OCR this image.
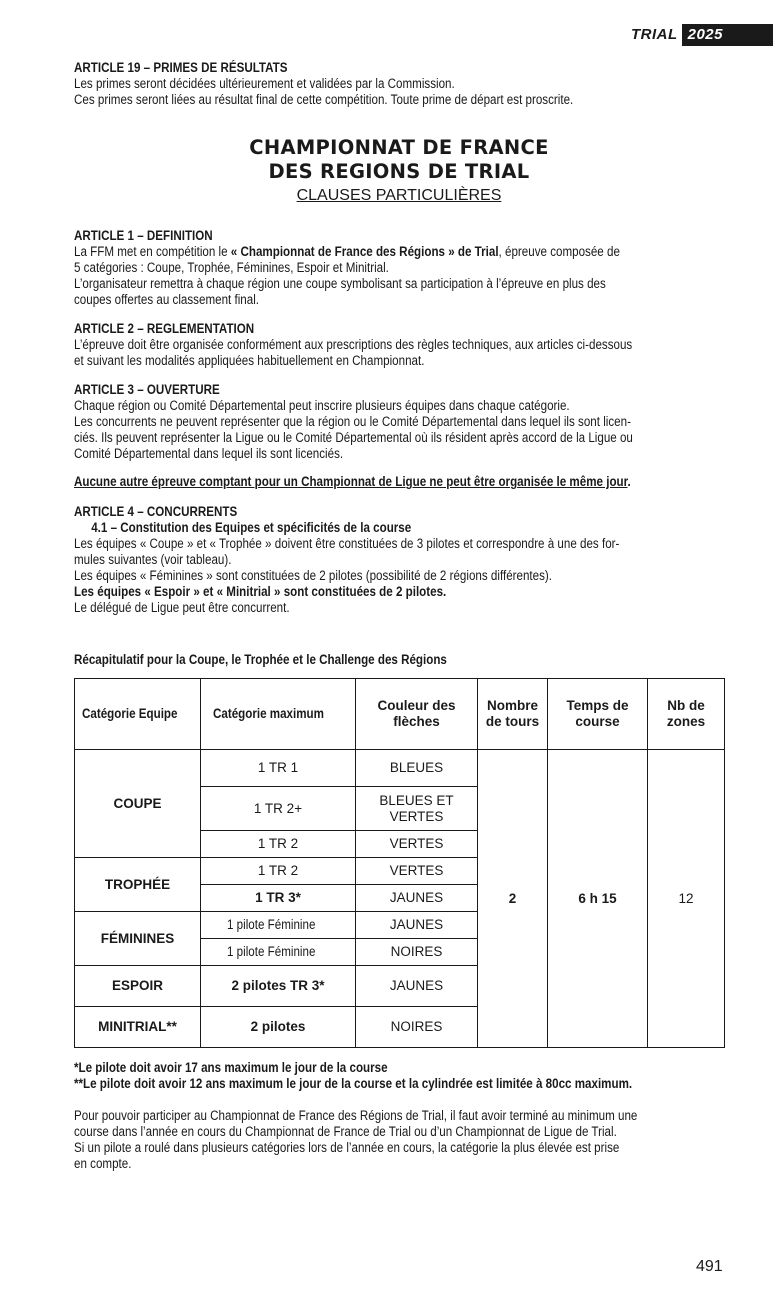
TRIAL 2025
ARTICLE 19 – PRIMES DE RÉSULTATS
Les primes seront décidées ultérieurement et validées par la Commission.
Ces primes seront liées au résultat final de cette compétition. Toute prime de départ est proscrite.
CHAMPIONNAT DE FRANCE
DES REGIONS DE TRIAL
CLAUSES PARTICULIÈRES
ARTICLE 1 – DEFINITION
La FFM met en compétition le « Championnat de France des Régions » de Trial, épreuve composée de
5 catégories : Coupe, Trophée, Féminines, Espoir et Minitrial.
L’organisateur remettra à chaque région une coupe symbolisant sa participation à l’épreuve en plus des
coupes offertes au classement final.
ARTICLE 2 – REGLEMENTATION
L’épreuve doit être organisée conformément aux prescriptions des règles techniques, aux articles ci-dessous
et suivant les modalités appliquées habituellement en Championnat.
ARTICLE 3 – OUVERTURE
Chaque région ou Comité Départemental peut inscrire plusieurs équipes dans chaque catégorie.
Les concurrents ne peuvent représenter que la région ou le Comité Départemental dans lequel ils sont licen-
ciés. Ils peuvent représenter la Ligue ou le Comité Départemental où ils résident après accord de la Ligue ou
Comité Départemental dans lequel ils sont licenciés.
Aucune autre épreuve comptant pour un Championnat de Ligue ne peut être organisée le même jour.
ARTICLE 4 – CONCURRENTS
4.1 – Constitution des Equipes et spécificités de la course
Les équipes « Coupe » et « Trophée » doivent être constituées de 3 pilotes et correspondre à une des for-
mules suivantes (voir tableau).
Les équipes « Féminines » sont constituées de 2 pilotes (possibilité de 2 régions différentes).
Les équipes « Espoir » et « Minitrial » sont constituées de 2 pilotes.
Le délégué de Ligue peut être concurrent.
Récapitulatif pour la Coupe, le Trophée et le Challenge des Régions
Catégorie Equipe	Catégorie maximum	Couleur des flèches	Nombre de tours	Temps de course	Nb de zones
COUPE	1 TR 1	BLEUES	2	6 h 15	12
	1 TR 2+	BLEUES ET VERTES			
	1 TR 2	VERTES			
TROPHÉE	1 TR 2	VERTES			
	1 TR 3*	JAUNES			
FÉMININES	1 pilote Féminine	JAUNES			
	1 pilote Féminine	NOIRES			
ESPOIR	2 pilotes TR 3*	JAUNES			
MINITRIAL**	2 pilotes	NOIRES			
*Le pilote doit avoir 17 ans maximum le jour de la course
**Le pilote doit avoir 12 ans maximum le jour de la course et la cylindrée est limitée à 80cc maximum.
Pour pouvoir participer au Championnat de France des Régions de Trial, il faut avoir terminé au minimum une
course dans l’année en cours du Championnat de France de Trial ou d’un Championnat de Ligue de Trial.
Si un pilote a roulé dans plusieurs catégories lors de l’année en cours, la catégorie la plus élevée est prise
en compte.
491
